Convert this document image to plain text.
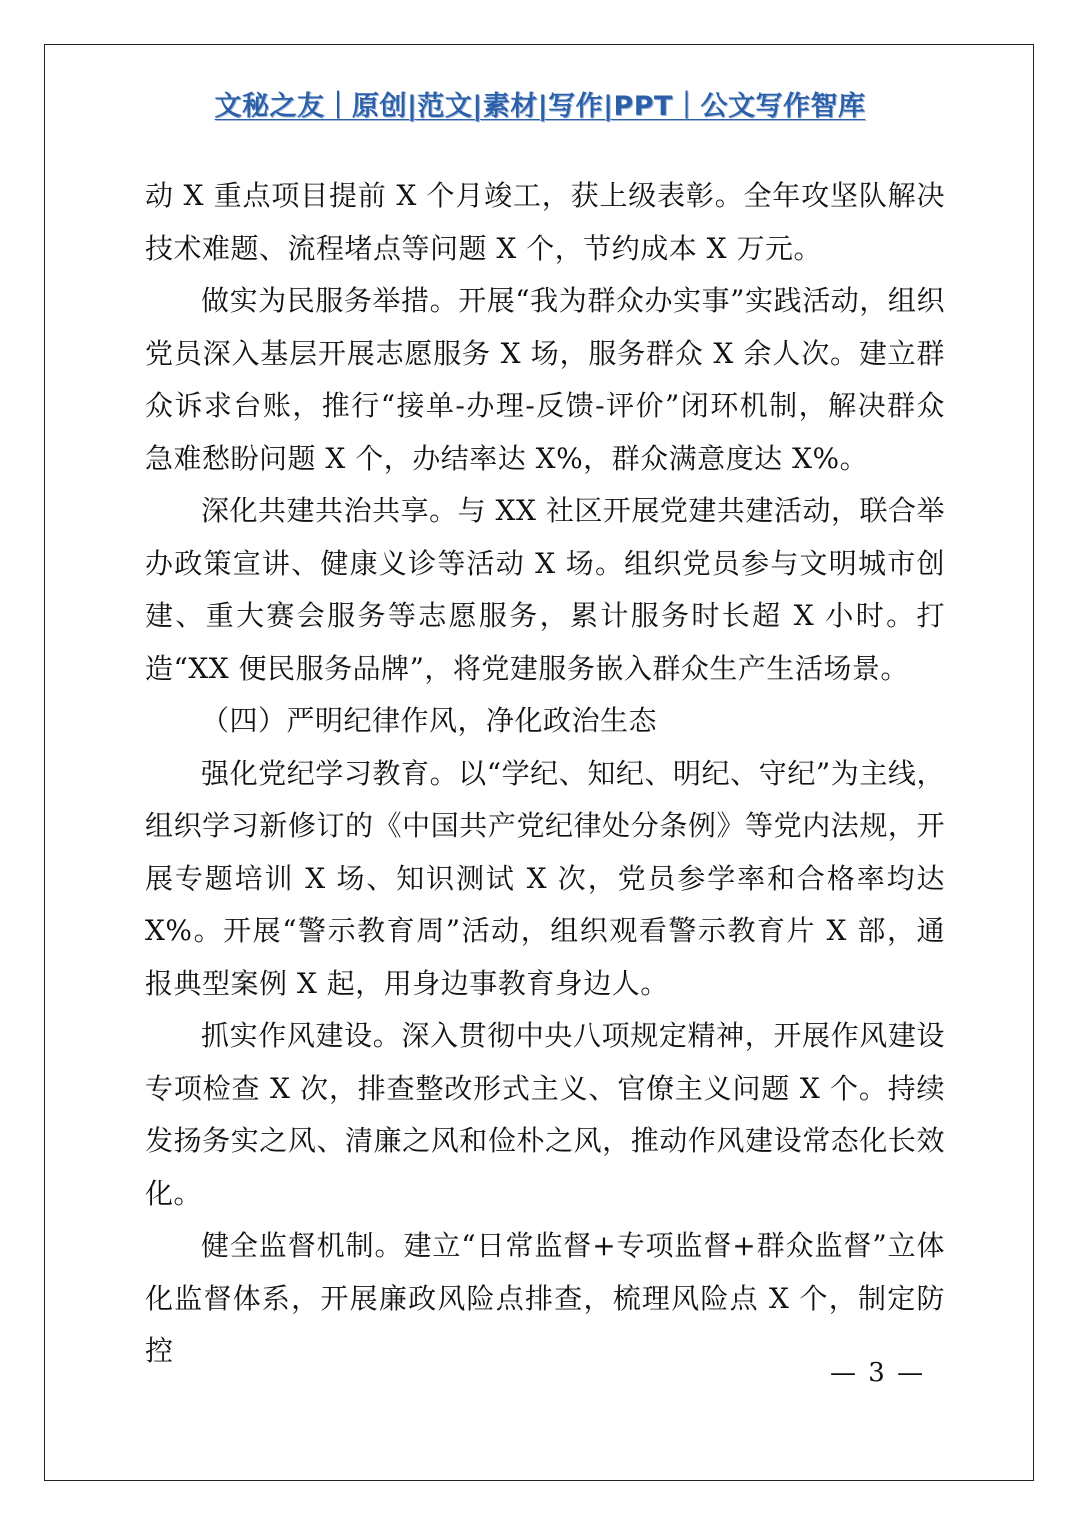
文秘之友｜原创|范文|素材|写作|PPT｜公文写作智库

动 X 重点项目提前 X 个月竣工，获上级表彰。全年攻坚队解决技术难题、流程堵点等问题 X 个，节约成本 X 万元。

做实为民服务举措。开展“我为群众办实事”实践活动，组织党员深入基层开展志愿服务 X 场，服务群众 X 余人次。建立群众诉求台账，推行“接单-办理-反馈-评价”闭环机制，解决群众急难愁盼问题 X 个，办结率达 X%，群众满意度达 X%。

深化共建共治共享。与 XX 社区开展党建共建活动，联合举办政策宣讲、健康义诊等活动 X 场。组织党员参与文明城市创建、重大赛会服务等志愿服务，累计服务时长超 X 小时。打造“XX 便民服务品牌”，将党建服务嵌入群众生产生活场景。

（四）严明纪律作风，净化政治生态

强化党纪学习教育。以“学纪、知纪、明纪、守纪”为主线，组织学习新修订的《中国共产党纪律处分条例》等党内法规，开展专题培训 X 场、知识测试 X 次，党员参学率和合格率均达 X%。开展“警示教育周”活动，组织观看警示教育片 X 部，通报典型案例 X 起，用身边事教育身边人。

抓实作风建设。深入贯彻中央八项规定精神，开展作风建设专项检查 X 次，排查整改形式主义、官僚主义问题 X 个。持续发扬务实之风、清廉之风和俭朴之风，推动作风建设常态化长效化。

健全监督机制。建立“日常监督+专项监督+群众监督”立体化监督体系，开展廉政风险点排查，梳理风险点 X 个，制定防控

— 3 —
